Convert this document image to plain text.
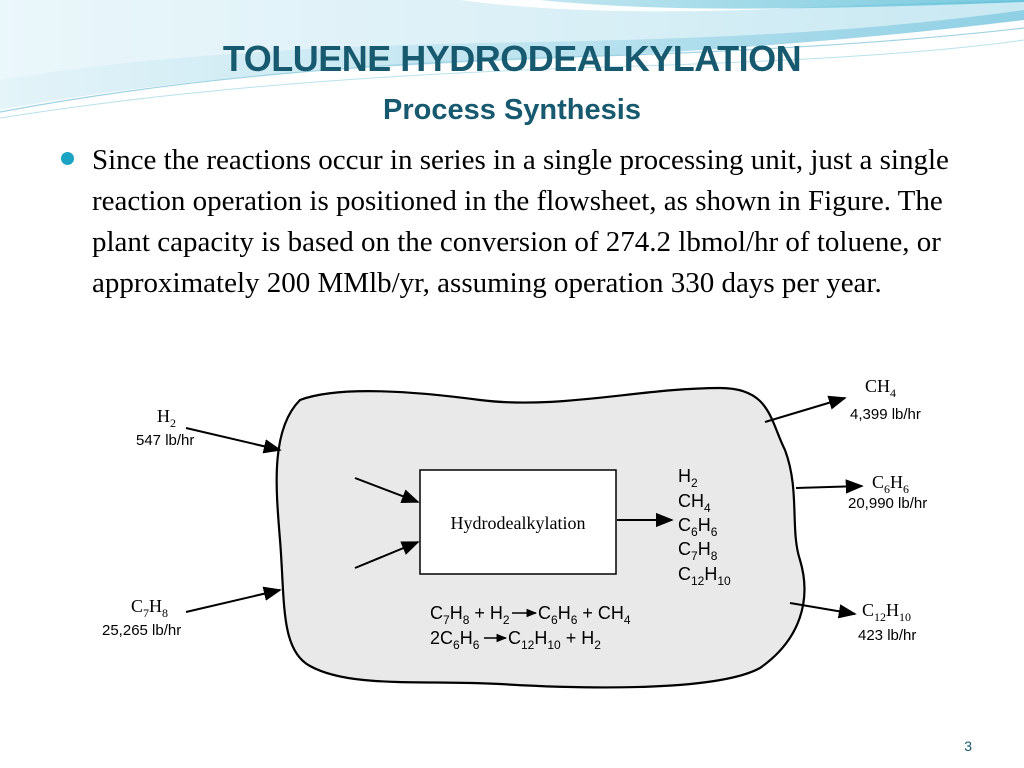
TOLUENE HYDRODEALKYLATION
Process Synthesis

Since the reactions occur in series in a single processing unit, just a single reaction operation is positioned in the flowsheet, as shown in Figure. The plant capacity is based on the conversion of 274.2 lbmol/hr of toluene, or approximately 200 MMlb/yr, assuming operation 330 days per year.

Hydrodealkylation
$H_2$
547 lb/hr
$C_7H_8$
25,265 lb/hr
$CH_4$
4,399 lb/hr
$C_6H_6$
20,990 lb/hr
$C_{12}H_{10}$
423 lb/hr
$H_2$
$CH_4$
$C_6H_6$
$C_7H_8$
$C_{12}H_{10}$
$C_7H_8 + H_2$ $C_6H_6 + CH_4$
$2C_6H_6$ $C_{12}H_{10} + H_2$
3
